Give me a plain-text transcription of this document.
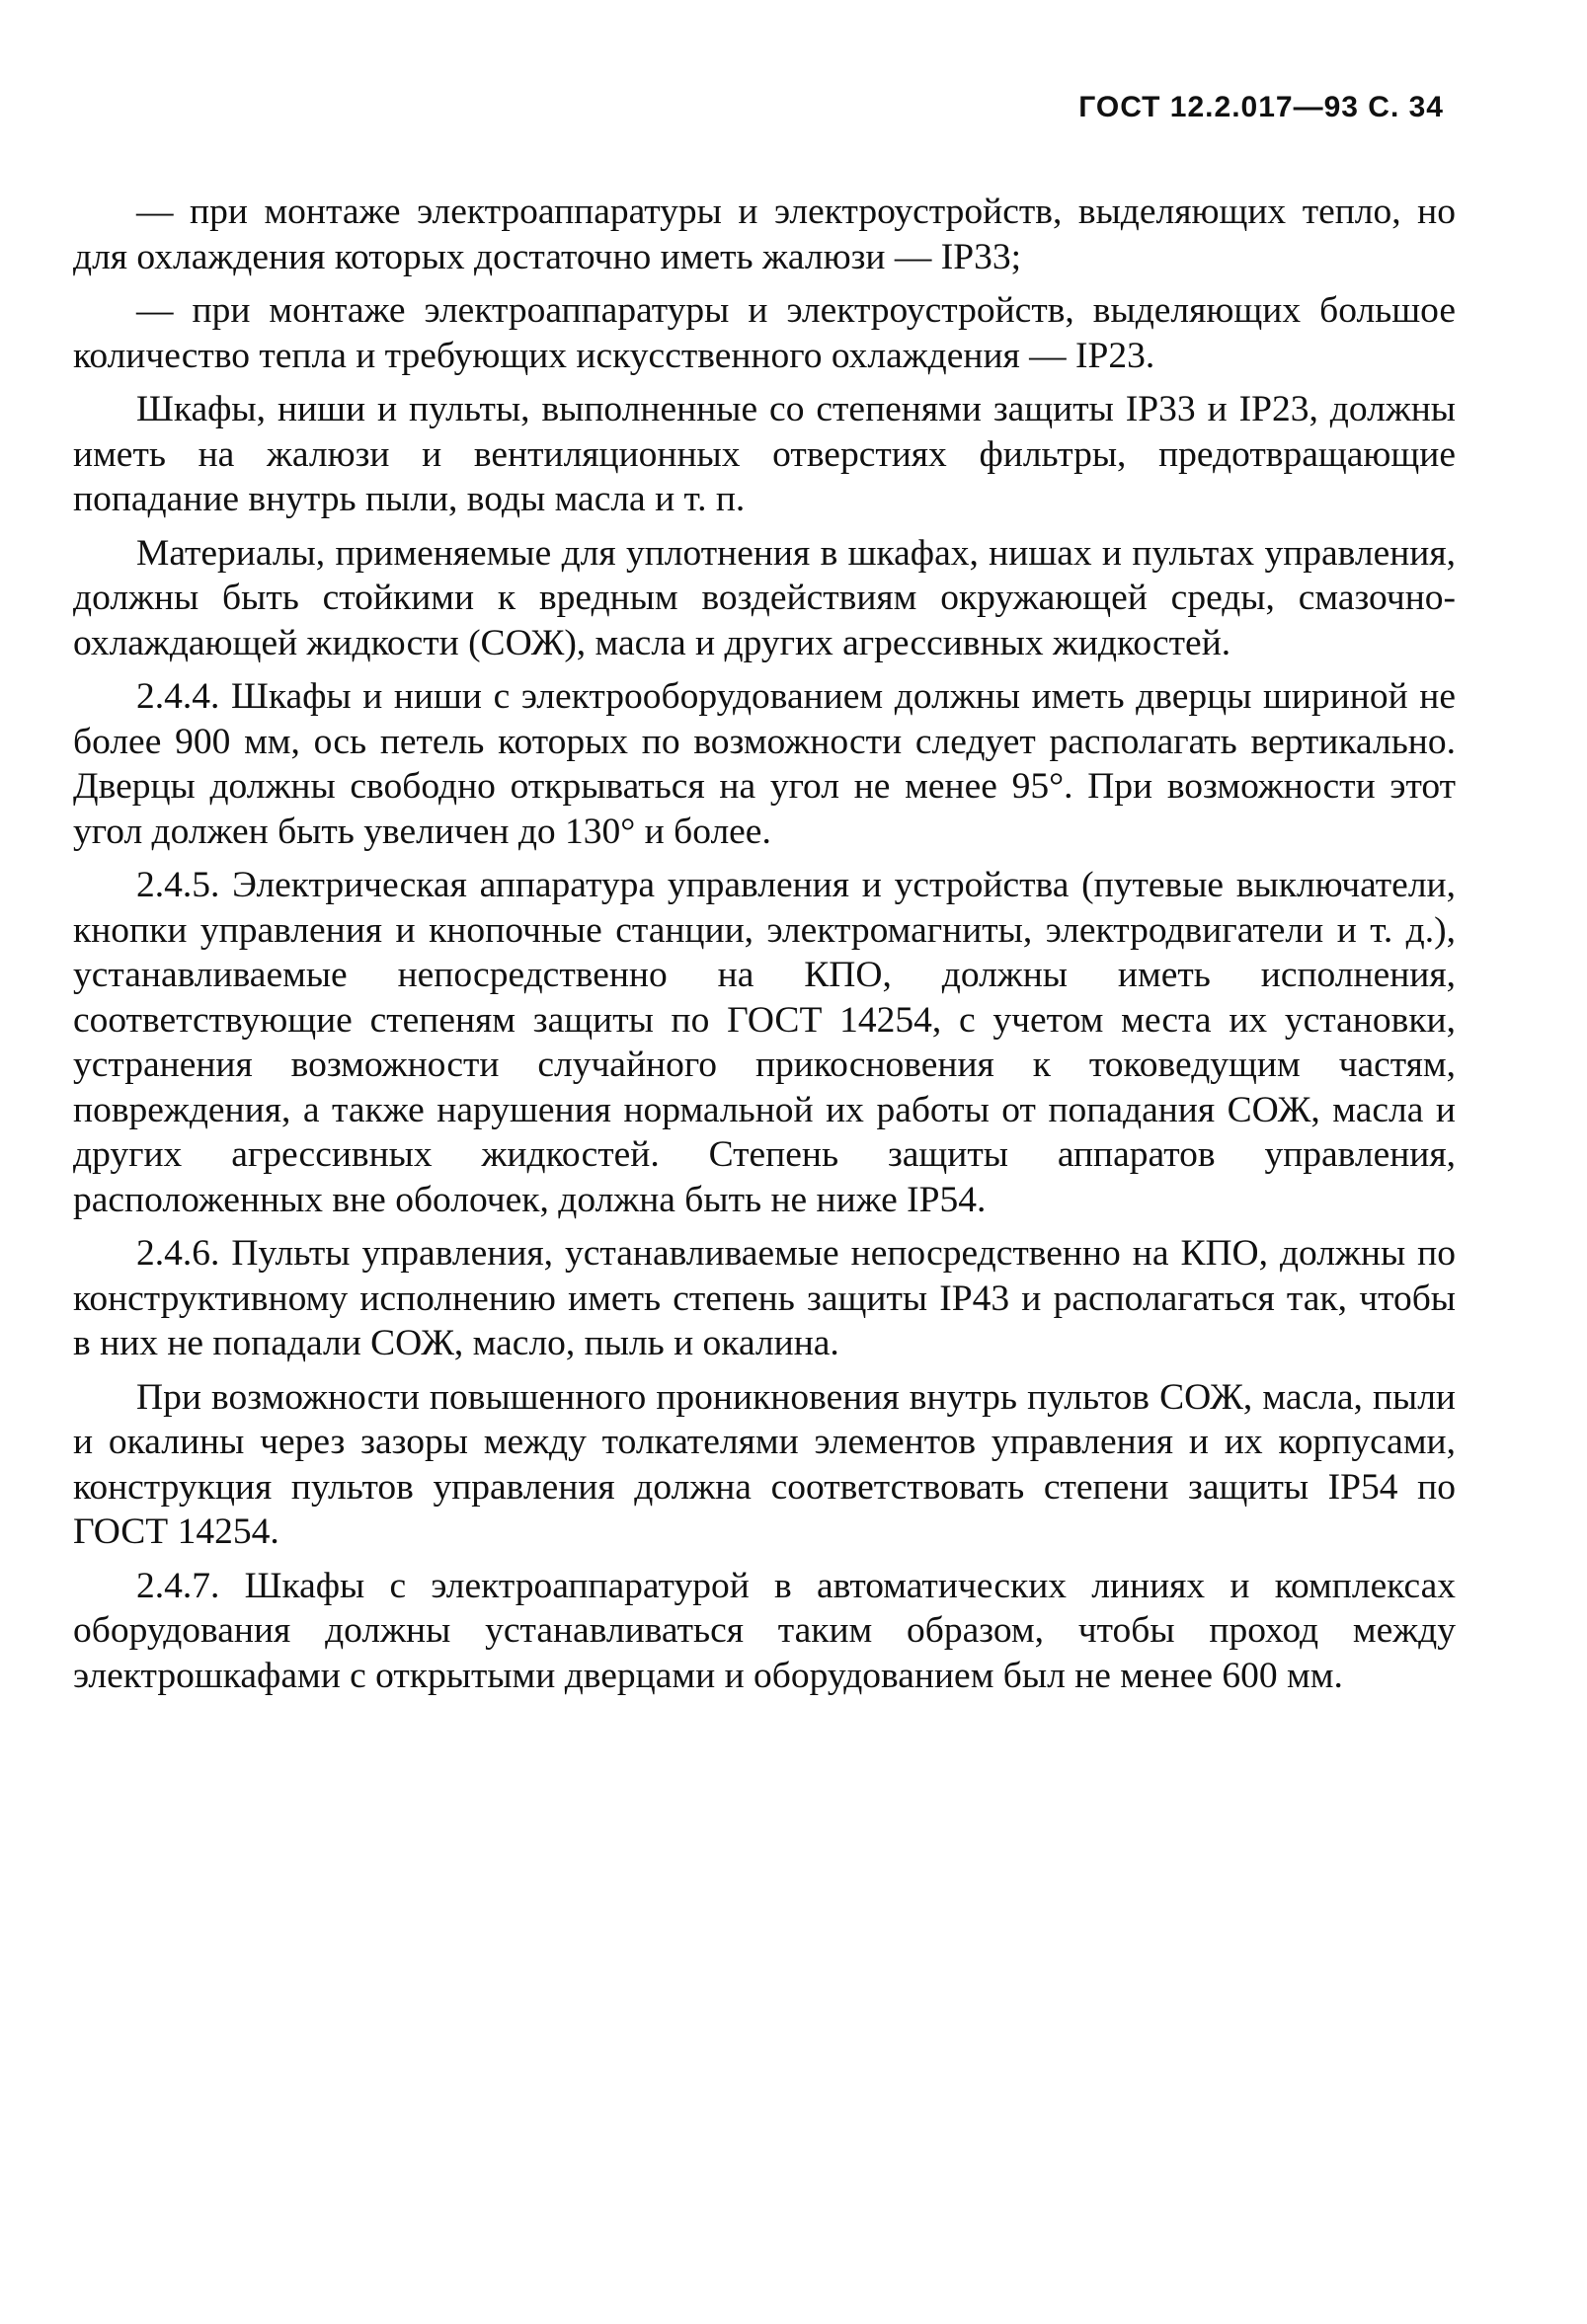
ГОСТ 12.2.017—93 С. 34

— при монтаже электроаппаратуры и электроустройств, выделяющих тепло, но для охлаждения которых достаточно иметь жалюзи — IP33;

— при монтаже электроаппаратуры и электроустройств, выделяющих большое количество тепла и требующих искусственного охлаждения — IP23.

Шкафы, ниши и пульты, выполненные со степенями защиты IP33 и IP23, должны иметь на жалюзи и вентиляционных отверстиях фильтры, предотвращающие попадание внутрь пыли, воды масла и т. п.

Материалы, применяемые для уплотнения в шкафах, нишах и пультах управления, должны быть стойкими к вредным воздействиям окружающей среды, смазочно-охлаждающей жидкости (СОЖ), масла и других агрессивных жидкостей.

2.4.4. Шкафы и ниши с электрооборудованием должны иметь дверцы шириной не более 900 мм, ось петель которых по возможности следует располагать вертикально. Дверцы должны свободно открываться на угол не менее 95°. При возможности этот угол должен быть увеличен до 130° и более.

2.4.5. Электрическая аппаратура управления и устройства (путевые выключатели, кнопки управления и кнопочные станции, электромагниты, электродвигатели и т. д.), устанавливаемые непосредственно на КПО, должны иметь исполнения, соответствующие степеням защиты по ГОСТ 14254, с учетом места их установки, устранения возможности случайного прикосновения к токоведущим частям, повреждения, а также нарушения нормальной их работы от попадания СОЖ, масла и других агрессивных жидкостей. Степень защиты аппаратов управления, расположенных вне оболочек, должна быть не ниже IP54.

2.4.6. Пульты управления, устанавливаемые непосредственно на КПО, должны по конструктивному исполнению иметь степень защиты IP43 и располагаться так, чтобы в них не попадали СОЖ, масло, пыль и окалина.

При возможности повышенного проникновения внутрь пультов СОЖ, масла, пыли и окалины через зазоры между толкателями элементов управления и их корпусами, конструкция пультов управления должна соответствовать степени защиты IP54 по ГОСТ 14254.

2.4.7. Шкафы с электроаппаратурой в автоматических линиях и комплексах оборудования должны устанавливаться таким образом, чтобы проход между электрошкафами с открытыми дверцами и оборудованием был не менее 600 мм.
